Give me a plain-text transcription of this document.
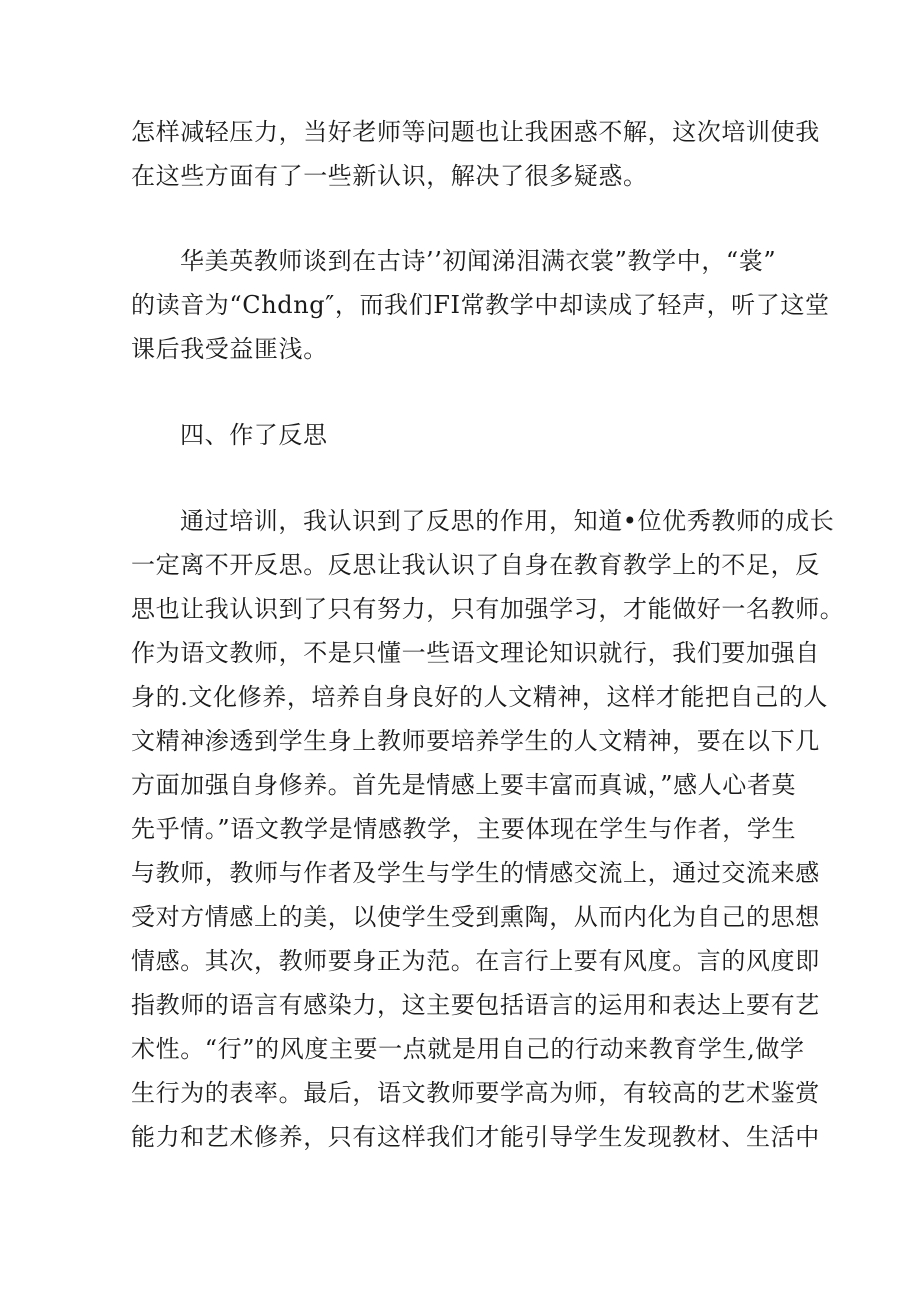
怎样减轻压力，当好老师等问题也让我困惑不解，这次培训使我
在这些方面有了一些新认识，解决了很多疑惑。
华美英教师谈到在古诗’’初闻涕泪满衣裳”教学中，“裳”
的读音为“Chdng″，而我们FI常教学中却读成了轻声，听了这堂
课后我受益匪浅。
四、作了反思
通过培训，我认识到了反思的作用，知道•位优秀教师的成长
一定离不开反思。反思让我认识了自身在教育教学上的不足，反
思也让我认识到了只有努力，只有加强学习，才能做好一名教师。
作为语文教师，不是只懂一些语文理论知识就行，我们要加强自
身的.文化修养，培养自身良好的人文精神，这样才能把自己的人
文精神渗透到学生身上教师要培养学生的人文精神，要在以下几
方面加强自身修养。首先是情感上要丰富而真诚，”感人心者莫
先乎情。”语文教学是情感教学，主要体现在学生与作者，学生
与教师，教师与作者及学生与学生的情感交流上，通过交流来感
受对方情感上的美，以使学生受到熏陶，从而内化为自己的思想
情感。其次，教师要身正为范。在言行上要有风度。言的风度即
指教师的语言有感染力，这主要包括语言的运用和表达上要有艺
术性。“行”的风度主要一点就是用自己的行动来教育学生,做学
生行为的表率。最后，语文教师要学高为师，有较高的艺术鉴赏
能力和艺术修养，只有这样我们才能引导学生发现教材、生活中
